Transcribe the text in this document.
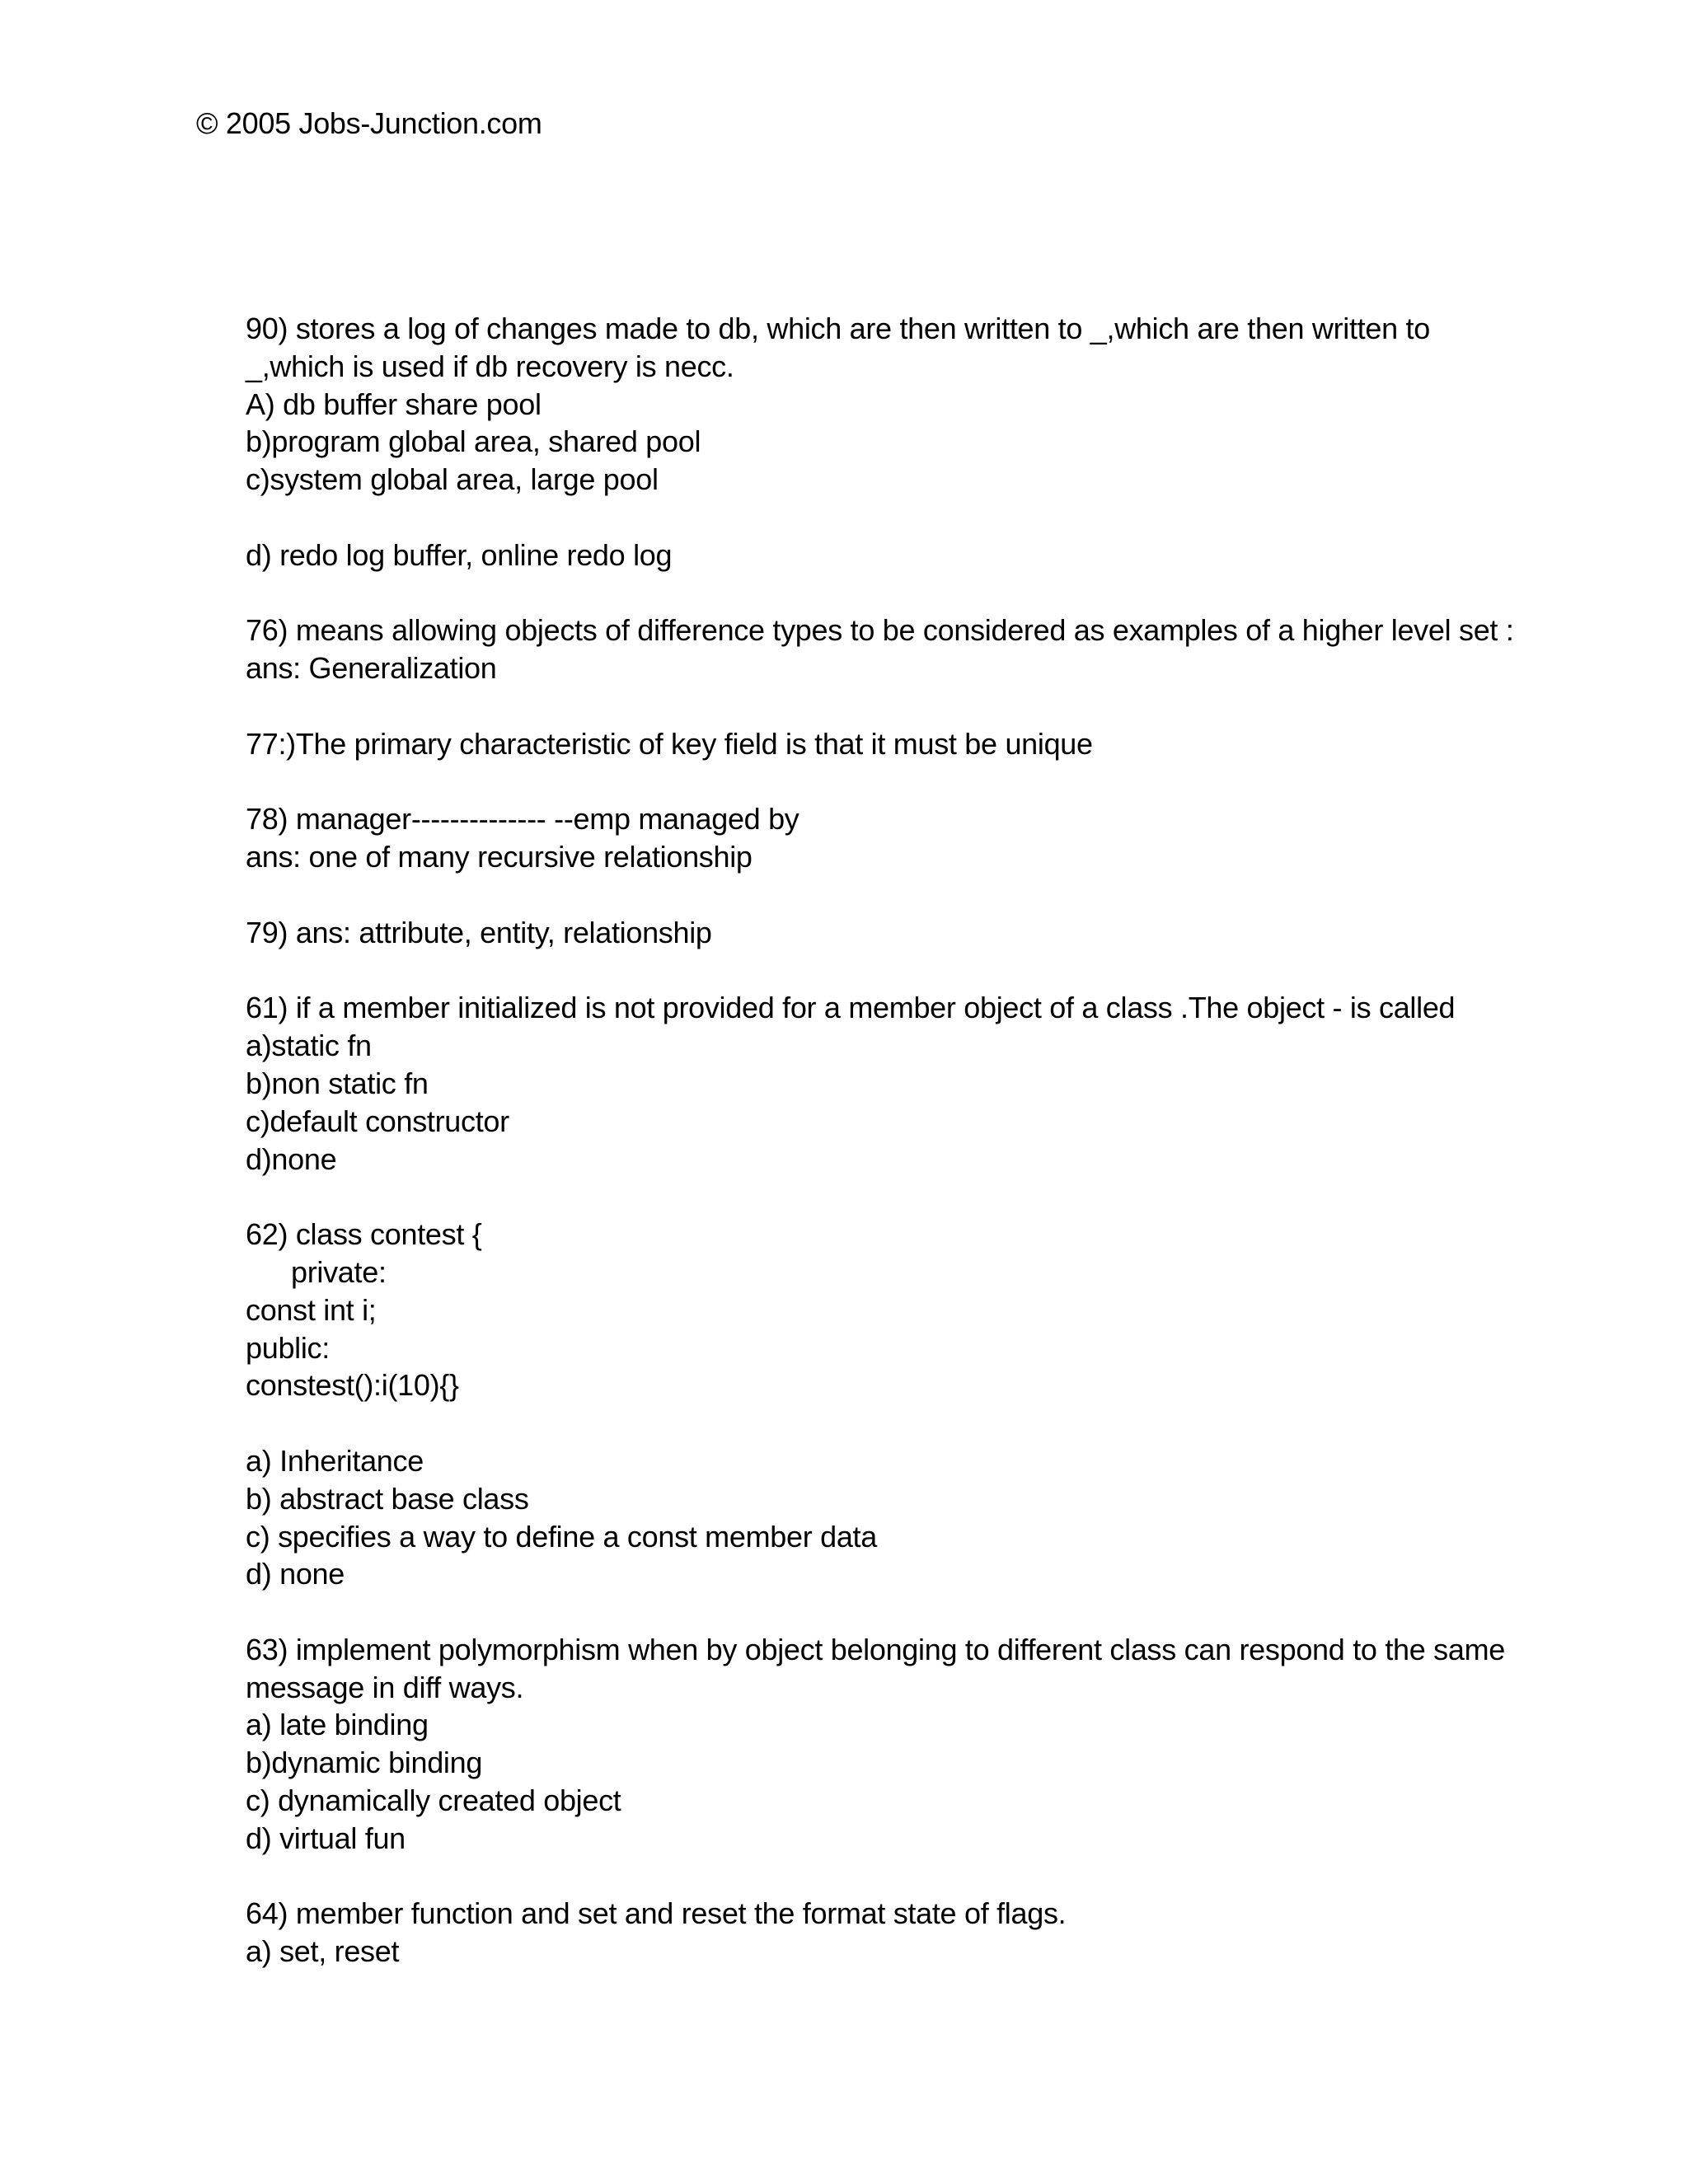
© 2005 Jobs-Junction.com
90) stores a log of changes made to db, which are then written to _,which are then written to
_,which is used if db recovery is necc.
A) db buffer share pool
b)program global area, shared pool
c)system global area, large pool
d) redo log buffer, online redo log
76) means allowing objects of difference types to be considered as examples of a higher level set :
ans: Generalization
77:)The primary characteristic of key field is that it must be unique
78) manager-------------- --emp managed by
ans: one of many recursive relationship
79) ans: attribute, entity, relationship
61) if a member initialized is not provided for a member object of a class .The object - is called
a)static fn
b)non static fn
c)default constructor
d)none
62) class contest {
private:
const int i;
public:
constest():i(10){}
a) Inheritance
b) abstract base class
c) specifies a way to define a const member data
d) none
63) implement polymorphism when by object belonging to different class can respond to the same
message in diff ways.
a) late binding
b)dynamic binding
c) dynamically created object
d) virtual fun
64) member function and set and reset the format state of flags.
a) set, reset
